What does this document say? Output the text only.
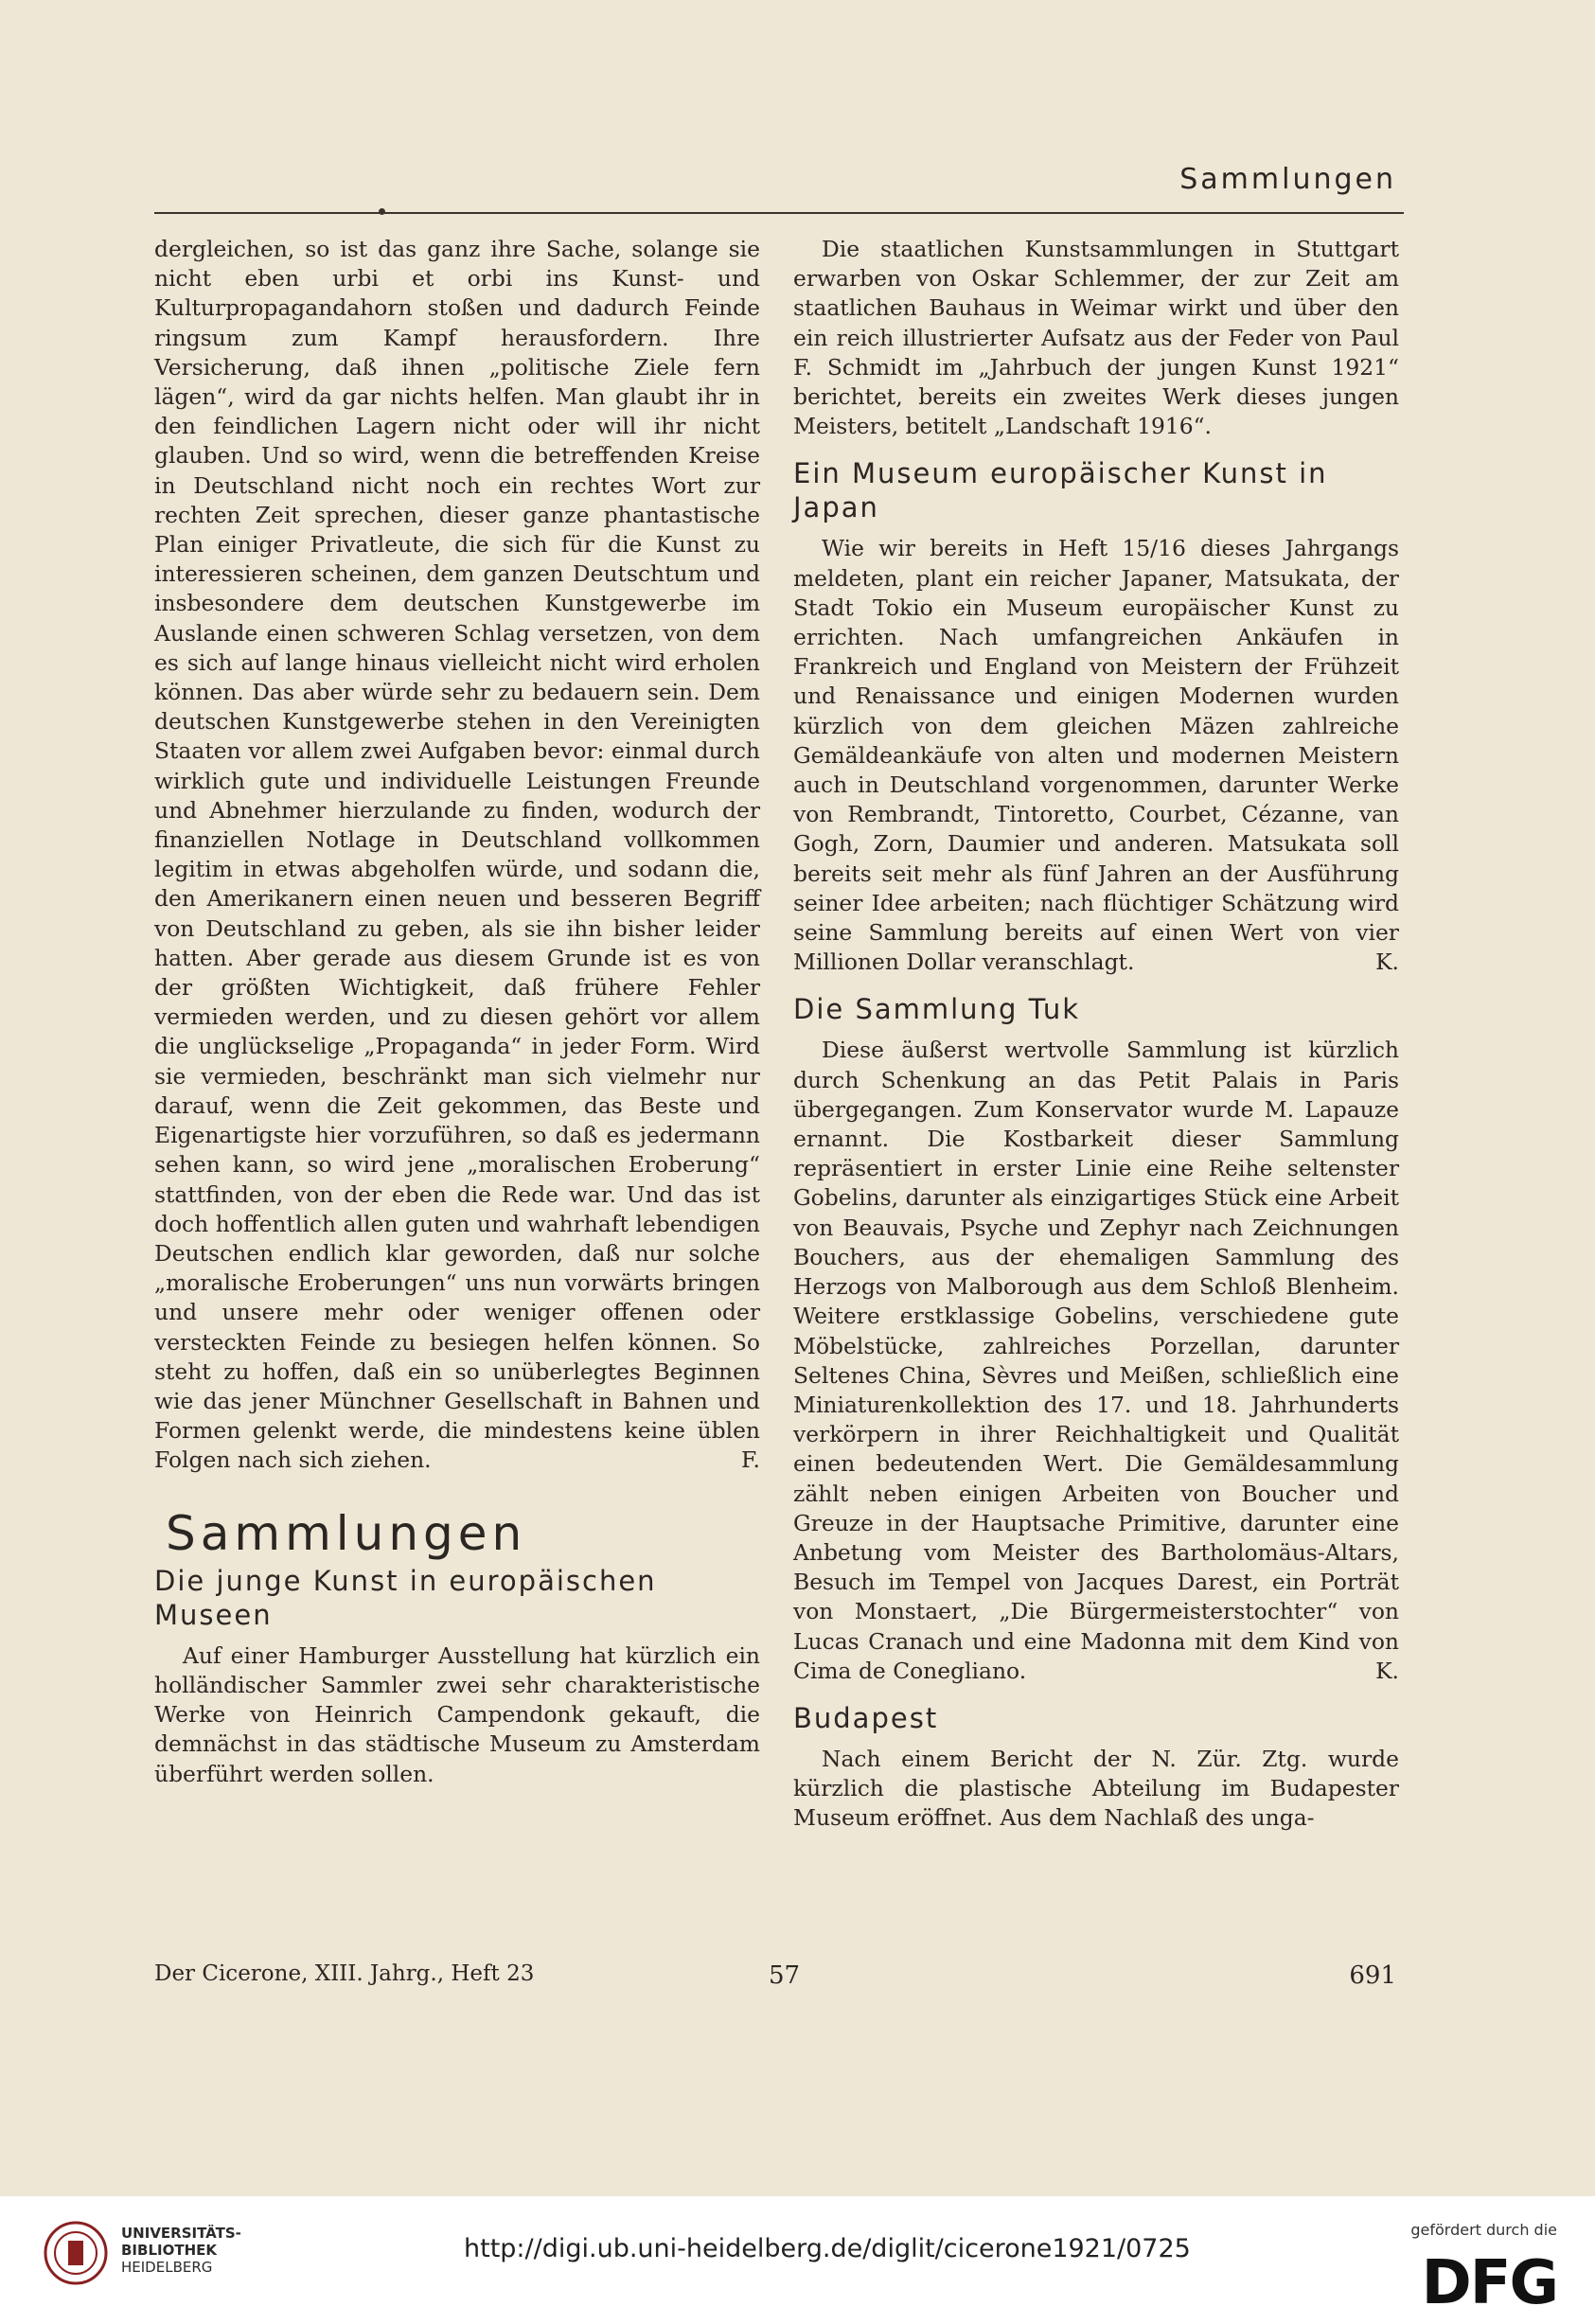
Sammlungen

dergleichen, so ist das ganz ihre Sache, solange sie nicht eben urbi et orbi ins Kunst- und Kulturpropagandahorn stoßen und dadurch Feinde ringsum zum Kampf herausfordern. Ihre Versicherung, daß ihnen „politische Ziele fern lägen“, wird da gar nichts helfen. Man glaubt ihr in den feindlichen Lagern nicht oder will ihr nicht glauben. Und so wird, wenn die betreffenden Kreise in Deutschland nicht noch ein rechtes Wort zur rechten Zeit sprechen, dieser ganze phantastische Plan einiger Privatleute, die sich für die Kunst zu interessieren scheinen, dem ganzen Deutschtum und insbesondere dem deutschen Kunstgewerbe im Auslande einen schweren Schlag versetzen, von dem es sich auf lange hinaus vielleicht nicht wird erholen können. Das aber würde sehr zu bedauern sein. Dem deutschen Kunstgewerbe stehen in den Vereinigten Staaten vor allem zwei Aufgaben bevor: einmal durch wirklich gute und individuelle Leistungen Freunde und Abnehmer hierzulande zu finden, wodurch der finanziellen Notlage in Deutschland vollkommen legitim in etwas abgeholfen würde, und sodann die, den Amerikanern einen neuen und besseren Begriff von Deutschland zu geben, als sie ihn bisher leider hatten. Aber gerade aus diesem Grunde ist es von der größten Wichtigkeit, daß frühere Fehler vermieden werden, und zu diesen gehört vor allem die unglückselige „Propaganda“ in jeder Form. Wird sie vermieden, beschränkt man sich vielmehr nur darauf, wenn die Zeit gekommen, das Beste und Eigenartigste hier vorzuführen, so daß es jedermann sehen kann, so wird jene „moralischen Eroberung“ stattfinden, von der eben die Rede war. Und das ist doch hoffentlich allen guten und wahrhaft lebendigen Deutschen endlich klar geworden, daß nur solche „moralische Eroberungen“ uns nun vorwärts bringen und unsere mehr oder weniger offenen oder versteckten Feinde zu besiegen helfen können. So steht zu hoffen, daß ein so unüberlegtes Beginnen wie das jener Münchner Gesellschaft in Bahnen und Formen gelenkt werde, die mindestens keine üblen Folgen nach sich ziehen.	F.

Sammlungen
Die junge Kunst in europäischen Museen

Auf einer Hamburger Ausstellung hat kürzlich ein holländischer Sammler zwei sehr charakteristische Werke von Heinrich Campendonk gekauft, die demnächst in das städtische Museum zu Amsterdam überführt werden sollen.

Die staatlichen Kunstsammlungen in Stuttgart erwarben von Oskar Schlemmer, der zur Zeit am staatlichen Bauhaus in Weimar wirkt und über den ein reich illustrierter Aufsatz aus der Feder von Paul F. Schmidt im „Jahrbuch der jungen Kunst 1921“ berichtet, bereits ein zweites Werk dieses jungen Meisters, betitelt „Landschaft 1916“.

Ein Museum europäischer Kunst in Japan

Wie wir bereits in Heft 15/16 dieses Jahrgangs meldeten, plant ein reicher Japaner, Matsukata, der Stadt Tokio ein Museum europäischer Kunst zu errichten. Nach umfangreichen Ankäufen in Frankreich und England von Meistern der Frühzeit und Renaissance und einigen Modernen wurden kürzlich von dem gleichen Mäzen zahlreiche Gemäldeankäufe von alten und modernen Meistern auch in Deutschland vorgenommen, darunter Werke von Rembrandt, Tintoretto, Courbet, Cézanne, van Gogh, Zorn, Daumier und anderen. Matsukata soll bereits seit mehr als fünf Jahren an der Ausführung seiner Idee arbeiten; nach flüchtiger Schätzung wird seine Sammlung bereits auf einen Wert von vier Millionen Dollar veranschlagt.	K.

Die Sammlung Tuk

Diese äußerst wertvolle Sammlung ist kürzlich durch Schenkung an das Petit Palais in Paris übergegangen. Zum Konservator wurde M. Lapauze ernannt. Die Kostbarkeit dieser Sammlung repräsentiert in erster Linie eine Reihe seltenster Gobelins, darunter als einzigartiges Stück eine Arbeit von Beauvais, Psyche und Zephyr nach Zeichnungen Bouchers, aus der ehemaligen Sammlung des Herzogs von Malborough aus dem Schloß Blenheim. Weitere erstklassige Gobelins, verschiedene gute Möbelstücke, zahlreiches Porzellan, darunter Seltenes China, Sèvres und Meißen, schließlich eine Miniaturenkollektion des 17. und 18. Jahrhunderts verkörpern in ihrer Reichhaltigkeit und Qualität einen bedeutenden Wert. Die Gemäldesammlung zählt neben einigen Arbeiten von Boucher und Greuze in der Hauptsache Primitive, darunter eine Anbetung vom Meister des Bartholomäus-Altars, Besuch im Tempel von Jacques Darest, ein Porträt von Monstaert, „Die Bürgermeisterstochter“ von Lucas Cranach und eine Madonna mit dem Kind von Cima de Conegliano.	K.

Budapest

Nach einem Bericht der N. Zür. Ztg. wurde kürzlich die plastische Abteilung im Budapester Museum eröffnet. Aus dem Nachlaß des unga-

Der Cicerone, XIII. Jahrg., Heft 23	57	691
UNIVERSITÄTS-
BIBLIOTHEK
HEIDELBERG
http://digi.ub.uni-heidelberg.de/diglit/cicerone1921/0725
gefördert durch die
DFG
